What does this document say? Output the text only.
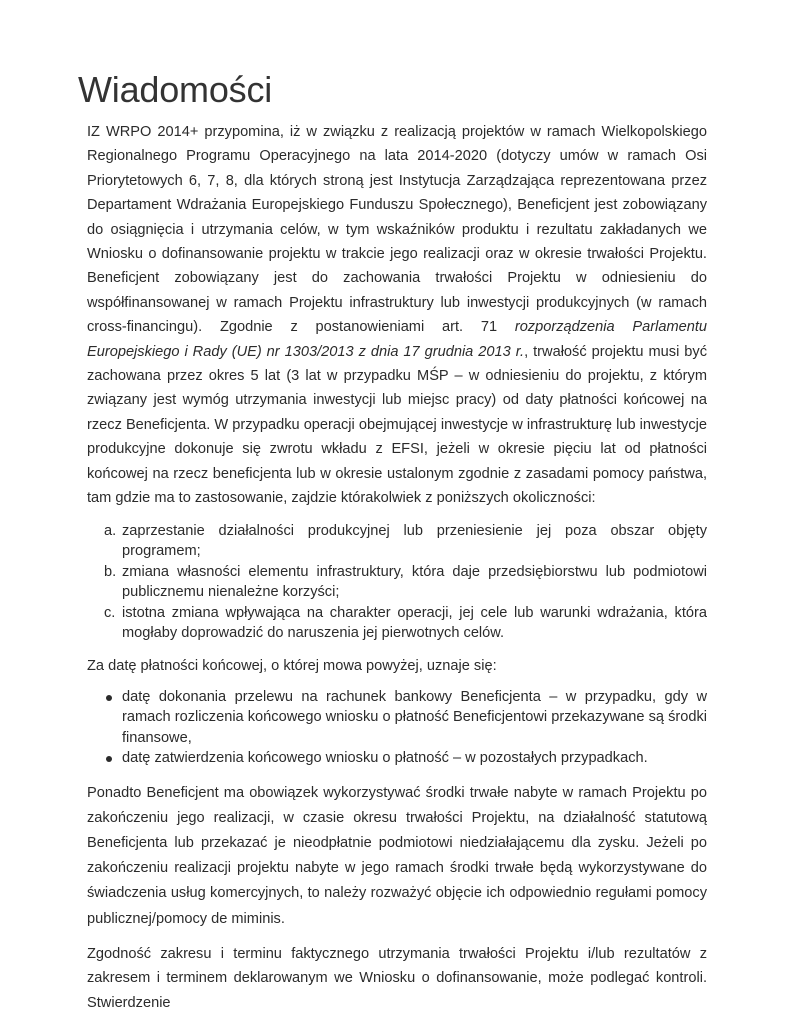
Wiadomości

IZ WRPO 2014+ przypomina, iż w związku z realizacją projektów w ramach Wielkopolskiego Regionalnego Programu Operacyjnego na lata 2014-2020 (dotyczy umów w ramach Osi Priorytetowych 6, 7, 8, dla których stroną jest Instytucja Zarządzająca reprezentowana przez Departament Wdrażania Europejskiego Funduszu Społecznego), Beneficjent jest zobowiązany do osiągnięcia i utrzymania celów, w tym wskaźników produktu i rezultatu zakładanych we Wniosku o dofinansowanie projektu w trakcie jego realizacji oraz w okresie trwałości Projektu. Beneficjent zobowiązany jest do zachowania trwałości Projektu w odniesieniu do współfinansowanej w ramach Projektu infrastruktury lub inwestycji produkcyjnych (w ramach cross-financingu). Zgodnie z postanowieniami art. 71 rozporządzenia Parlamentu Europejskiego i Rady (UE) nr 1303/2013 z dnia 17 grudnia 2013 r., trwałość projektu musi być zachowana przez okres 5 lat (3 lat w przypadku MŚP – w odniesieniu do projektu, z którym związany jest wymóg utrzymania inwestycji lub miejsc pracy) od daty płatności końcowej na rzecz Beneficjenta. W przypadku operacji obejmującej inwestycje w infrastrukturę lub inwestycje produkcyjne dokonuje się zwrotu wkładu z EFSI, jeżeli w okresie pięciu lat od płatności końcowej na rzecz beneficjenta lub w okresie ustalonym zgodnie z zasadami pomocy państwa, tam gdzie ma to zastosowanie, zajdzie którakolwiek z poniższych okoliczności:

a. zaprzestanie działalności produkcyjnej lub przeniesienie jej poza obszar objęty programem;
b. zmiana własności elementu infrastruktury, która daje przedsiębiorstwu lub podmiotowi publicznemu nienależne korzyści;
c. istotna zmiana wpływająca na charakter operacji, jej cele lub warunki wdrażania, która mogłaby doprowadzić do naruszenia jej pierwotnych celów.

Za datę płatności końcowej, o której mowa powyżej, uznaje się:

datę dokonania przelewu na rachunek bankowy Beneficjenta – w przypadku, gdy w ramach rozliczenia końcowego wniosku o płatność Beneficjentowi przekazywane są środki finansowe,
datę zatwierdzenia końcowego wniosku o płatność – w pozostałych przypadkach.

Ponadto Beneficjent ma obowiązek wykorzystywać środki trwałe nabyte w ramach Projektu po zakończeniu jego realizacji, w czasie okresu trwałości Projektu, na działalność statutową Beneficjenta lub przekazać je nieodpłatnie podmiotowi niedziałającemu dla zysku. Jeżeli po zakończeniu realizacji projektu nabyte w jego ramach środki trwałe będą wykorzystywane do świadczenia usług komercyjnych, to należy rozważyć objęcie ich odpowiednio regułami pomocy publicznej/pomocy de miminis.

Zgodność zakresu i terminu faktycznego utrzymania trwałości Projektu i/lub rezultatów z zakresem i terminem deklarowanym we Wniosku o dofinansowanie, może podlegać kontroli. Stwierdzenie
